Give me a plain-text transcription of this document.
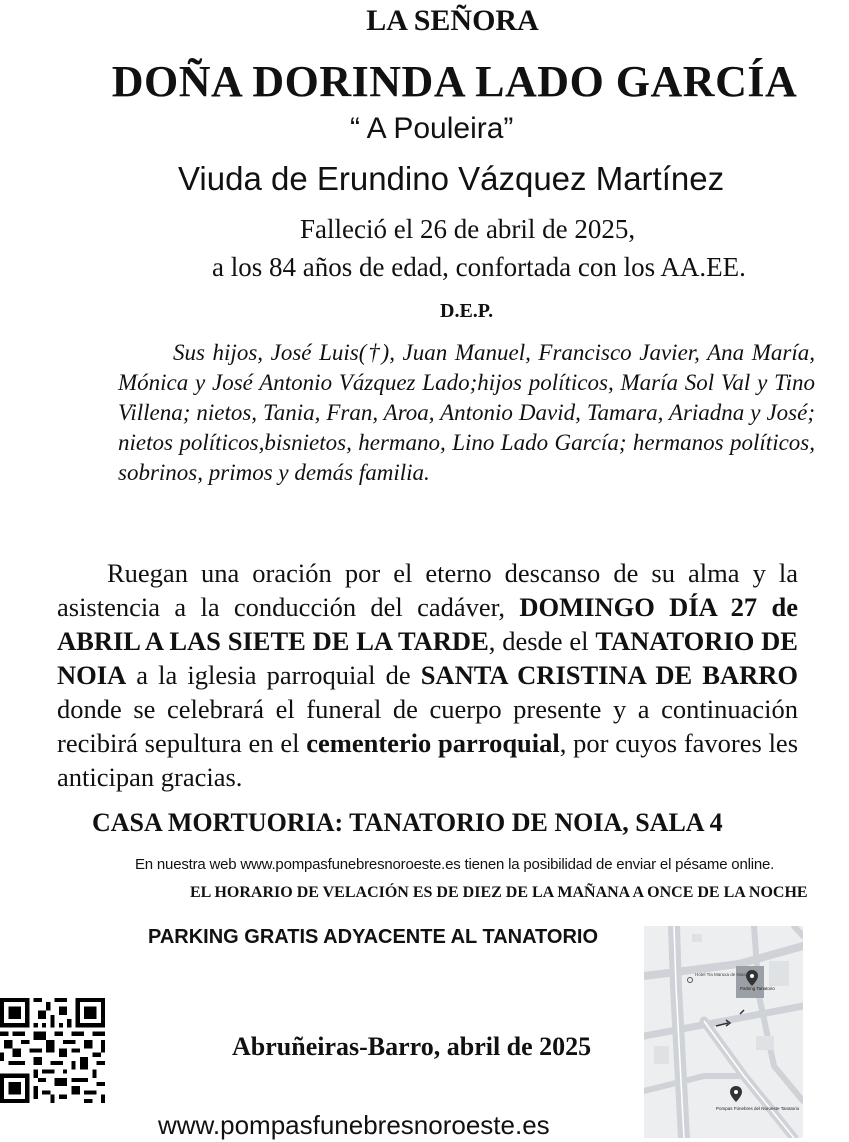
LA SEÑORA
DOÑA DORINDA LADO GARCÍA
“ A Pouleira”
Viuda de Erundino Vázquez Martínez
Falleció el 26 de abril de 2025,
a los 84 años de edad, confortada con los AA.EE.
D.E.P.
Sus hijos, José Luis(†), Juan Manuel, Francisco Javier, Ana María, Mónica y José Antonio Vázquez Lado;hijos políticos, María Sol Val y Tino Villena; nietos, Tania, Fran, Aroa, Antonio David, Tamara, Ariadna y José; nietos políticos,bisnietos, hermano, Lino Lado García; hermanos políticos, sobrinos, primos y demás familia.
Ruegan una oración por el eterno descanso de su alma y la asistencia a la conducción del cadáver, DOMINGO DÍA 27 de ABRIL A LAS SIETE DE LA TARDE, desde el TANATORIO DE NOIA a la iglesia parroquial de SANTA CRISTINA DE BARRO donde se celebrará el funeral de cuerpo presente y a continuación recibirá sepultura en el cementerio parroquial, por cuyos favores les anticipan gracias.
CASA MORTUORIA: TANATORIO DE NOIA, SALA 4
En nuestra web www.pompasfunebresnoroeste.es tienen la posibilidad de enviar el pésame online.
EL HORARIO DE VELACIÓN ES DE DIEZ DE LA MAÑANA A ONCE DE LA NOCHE
PARKING GRATIS ADYACENTE AL TANATORIO
Abruñeiras-Barro, abril de 2025
www.pompasfunebresnoroeste.es
Hotel Tia Maruxa de Noia
Parking Tanatorio
Pompas Fúnebres del Noroeste Tanatorio
